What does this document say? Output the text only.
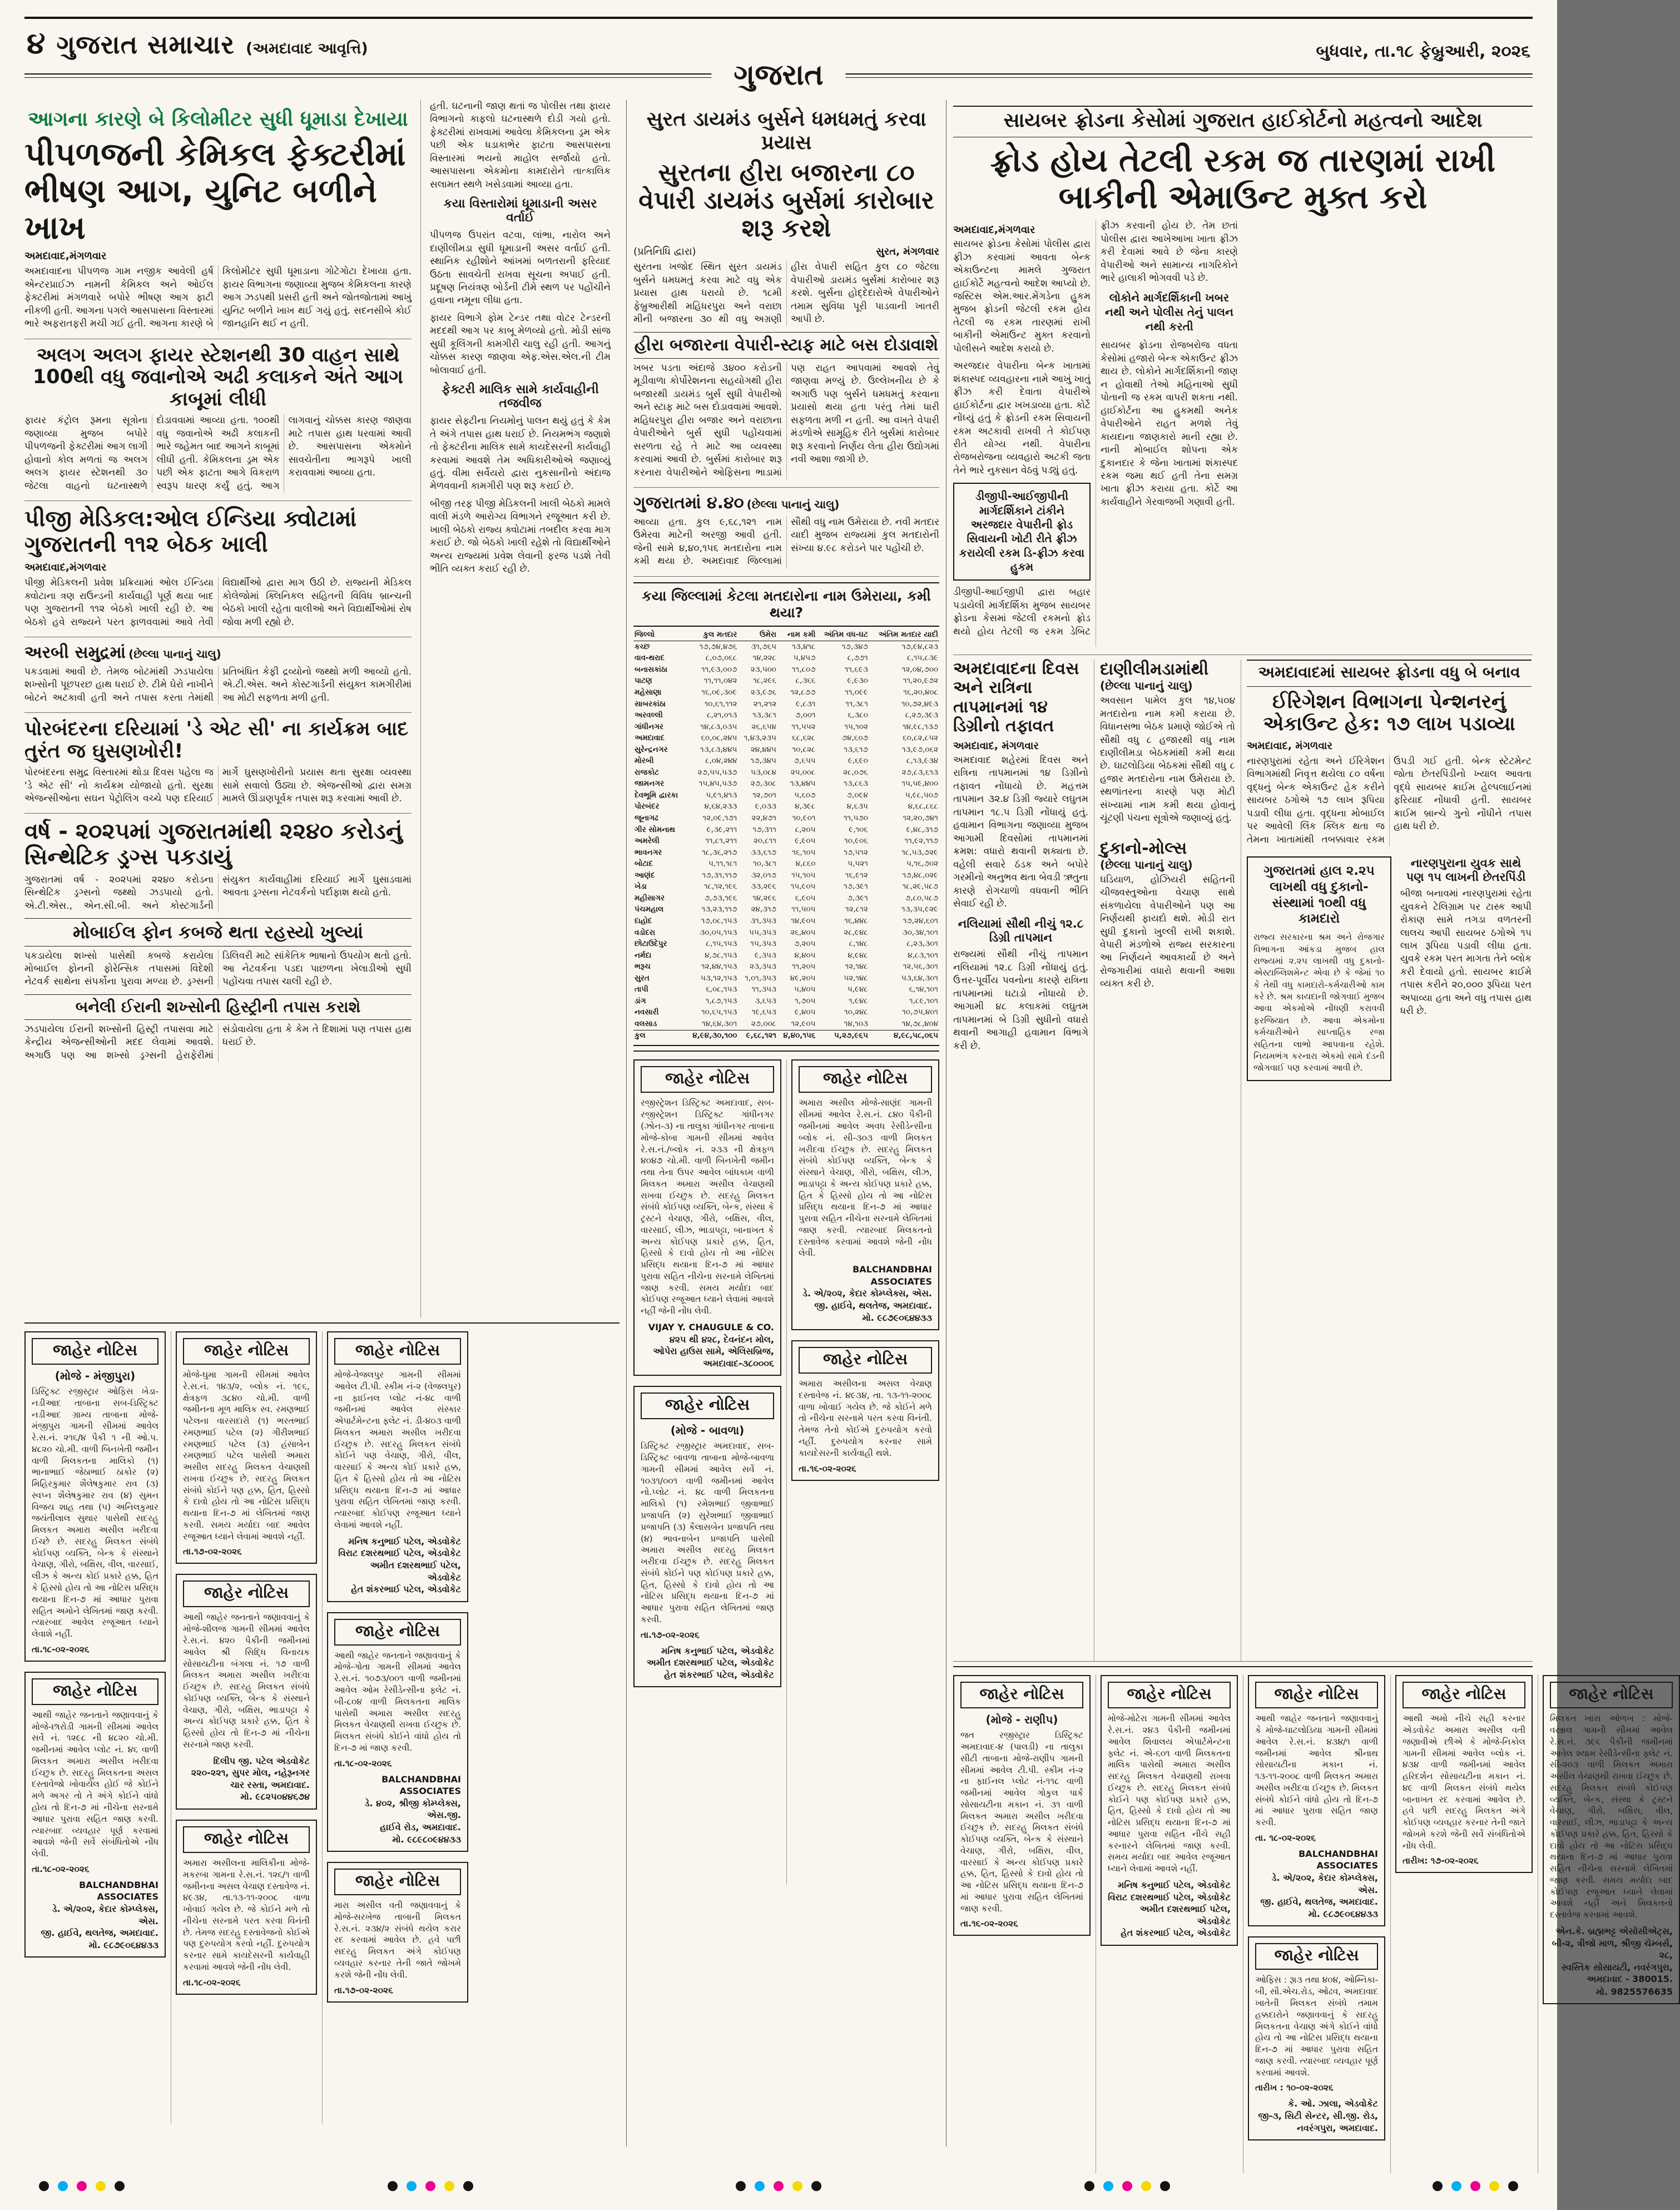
૪ ગુજરાત સમાચાર (અમદાવાદ આવૃત્તિ)	બુધવાર, તા.૧૮ ફેબ્રુઆરી, ૨૦૨૬
ગુજરાત
આગના કારણે બે કિલોમીટર સુધી ધૂમાડા દેખાયા
પીપળજની કેમિકલ ફેક્ટરીમાં ભીષણ આગ, યુનિટ બળીને ખાખ
અમદાવાદ,મંગળવાર
અમદાવાદના પીપળજ ગામ નજીક આવેલી હર્ષ એન્ટરપ્રાઈઝ નામની કેમિકલ અને ઓઈલ ફેક્ટરીમાં મંગળવારે બપોરે ભીષણ આગ ફાટી નીકળી હતી. આગના પગલે આસપાસના વિસ્તારમાં ભારે અફરાતફરી મચી ગઈ હતી. આગના કારણે બે કિલોમીટર સુધી ધૂમાડાના ગોટેગોટા દેખાયા હતા. ફાયર વિભાગના જણાવ્યા મુજબ કેમિકલના કારણે આગ ઝડપથી પ્રસરી હતી અને જોતજોતામાં આખું યુનિટ બળીને ખાખ થઈ ગયું હતું. સદનસીબે કોઈ જાનહાનિ થઈ ન હતી.
અલગ અલગ ફાયર સ્ટેશનથી 30 વાહન સાથે 100થી વધુ જવાનોએ અઢી કલાકને અંતે આગ કાબૂમાં લીધી
ફાયર કંટ્રોલ રૂમના સૂત્રોના જણાવ્યા મુજબ બપોરે પીપળજની ફેક્ટરીમાં આગ લાગી હોવાનો કોલ મળતાં જ અલગ અલગ ફાયર સ્ટેશનથી ૩૦ જેટલા વાહનો ઘટનાસ્થળે દોડાવવામાં આવ્યા હતા. ૧૦૦થી વધુ જવાનોએ અઢી કલાકની ભારે જહેમત બાદ આગને કાબૂમાં લીધી હતી. કેમિકલના ડ્રમ એક પછી એક ફાટતા આગે વિકરાળ સ્વરૂપ ધારણ કર્યું હતું. આગ લાગવાનું ચોક્કસ કારણ જાણવા માટે તપાસ હાથ ધરવામાં આવી છે. આસપાસના એકમોને સાવચેતીના ભાગરૂપે ખાલી કરાવવામાં આવ્યા હતા.
પીજી મેડિકલ:ઓલ ઈન્ડિયા ક્વોટામાં ગુજરાતની ૧૧૨ બેઠક ખાલી
અમદાવાદ,મંગળવાર
પીજી મેડિકલની પ્રવેશ પ્રક્રિયામાં ઓલ ઈન્ડિયા ક્વોટાના ત્રણ રાઉન્ડની કાર્યવાહી પૂર્ણ થયા બાદ પણ ગુજરાતની ૧૧૨ બેઠકો ખાલી રહી છે. આ બેઠકો હવે રાજ્યને પરત ફાળવવામાં આવે તેવી વિદ્યાર્થીઓ દ્વારા માગ ઉઠી છે. રાજ્યની મેડિકલ કોલેજોમાં ક્લિનિકલ સહિતની વિવિધ બ્રાન્ચની બેઠકો ખાલી રહેતા વાલીઓ અને વિદ્યાર્થીઓમાં રોષ જોવા મળી રહ્યો છે.
અરબી સમુદ્રમાં (છેલ્લા પાનાનું ચાલુ)
પકડવામાં આવી છે. તેમજ બોટમાંથી ઝડપાયેલા શખ્સોની પૂછપરછ હાથ ધરાઈ છે. ટીમે ઘેરો નાખીને બોટને અટકાવી હતી અને તપાસ કરતા તેમાંથી પ્રતિબંધિત કેફી દ્રવ્યોનો જથ્થો મળી આવ્યો હતો. એ.ટી.એસ. અને કોસ્ટગાર્ડની સંયુક્ત કામગીરીમાં આ મોટી સફળતા મળી હતી.
પોરબંદરના દરિયામાં 'ડે એટ સી' ના કાર્યક્રમ બાદ તુરંત જ ઘુસણખોરી!
પોરબંદરના સમુદ્ર વિસ્તારમાં થોડા દિવસ પહેલા જ 'ડે એટ સી' નો કાર્યક્રમ યોજાયો હતો. સુરક્ષા એજન્સીઓના સઘન પેટ્રોલિંગ વચ્ચે પણ દરિયાઈ માર્ગે ઘુસણખોરીનો પ્રયાસ થતા સુરક્ષા વ્યવસ્થા સામે સવાલો ઉઠ્યા છે. એજન્સીઓ દ્વારા સમગ્ર મામલે ઊંડાણપૂર્વક તપાસ શરૂ કરવામાં આવી છે.
વર્ષ - ૨૦૨૫માં ગુજરાતમાંથી ૨૨૪૦ કરોડનું સિન્થેટિક ડ્રગ્સ પકડાયું
ગુજરાતમાં વર્ષ - ૨૦૨૫માં ૨૨૪૦ કરોડના સિન્થેટિક ડ્રગ્સનો જથ્થો ઝડપાયો હતો. એ.ટી.એસ., એન.સી.બી. અને કોસ્ટગાર્ડની સંયુક્ત કાર્યવાહીમાં દરિયાઈ માર્ગે ઘુસાડવામાં આવતા ડ્રગ્સના નેટવર્કનો પર્દાફાશ થયો હતો.
મોબાઈલ ફોન કબજે થતા રહસ્યો ખુલ્યાં
પકડાયેલા શખ્સો પાસેથી કબજે કરાયેલા મોબાઈલ ફોનની ફોરેન્સિક તપાસમાં વિદેશી નેટવર્ક સાથેના સંપર્કોના પુરાવા મળ્યા છે. ડ્રગ્સની ડિલિવરી માટે સાંકેતિક ભાષાનો ઉપયોગ થતો હતો. આ નેટવર્કના પડદા પાછળના ખેલાડીઓ સુધી પહોંચવા તપાસ ચાલી રહી છે.
બનેલી ઈરાની શખ્સોની હિસ્ટ્રીની તપાસ કરાશે
ઝડપાયેલા ઈરાની શખ્સોની હિસ્ટ્રી તપાસવા માટે કેન્દ્રીય એજન્સીઓની મદદ લેવામાં આવશે. અગાઉ પણ આ શખ્સો ડ્રગ્સની હેરાફેરીમાં સંડોવાયેલા હતા કે કેમ તે દિશામાં પણ તપાસ હાથ ધરાઈ છે.

હતી. ઘટનાની જાણ થતાં જ પોલીસ તથા ફાયર વિભાગનો કાફલો ઘટનાસ્થળે દોડી ગયો હતો. ફેક્ટરીમાં રાખવામાં આવેલા કેમિકલના ડ્રમ એક પછી એક ધડાકાભેર ફાટતા આસપાસના વિસ્તારમાં ભયનો માહોલ સર્જાયો હતો. આસપાસના એકમોના કામદારોને તાત્કાલિક સલામત સ્થળે ખસેડવામાં આવ્યા હતા.

કયા વિસ્તારોમાં ધૂમાડાની અસર વર્તાઈ

પીપળજ ઉપરાંત વટવા, લાંભા, નારોલ અને દાણીલીમડા સુધી ધૂમાડાની અસર વર્તાઈ હતી. સ્થાનિક રહીશોને આંખમાં બળતરાની ફરિયાદ ઉઠતા સાવચેતી રાખવા સૂચના અપાઈ હતી. પ્રદૂષણ નિયંત્રણ બોર્ડની ટીમે સ્થળ પર પહોંચીને હવાના નમૂના લીધા હતા.

ફાયર વિભાગે ફોમ ટેન્ડર તથા વોટર ટેન્ડરની મદદથી આગ પર કાબૂ મેળવ્યો હતો. મોડી સાંજ સુધી કૂલિંગની કામગીરી ચાલુ રહી હતી. આગનું ચોક્કસ કારણ જાણવા એફ.એસ.એલ.ની ટીમ બોલાવાઈ હતી.

ફેક્ટરી માલિક સામે કાર્યવાહીની તજવીજ

ફાયર સેફ્ટીના નિયમોનું પાલન થયું હતું કે કેમ તે અંગે તપાસ હાથ ધરાઈ છે. નિયમભંગ જણાશે તો ફેક્ટરીના માલિક સામે કાયદેસરની કાર્યવાહી કરવામાં આવશે તેમ અધિકારીઓએ જણાવ્યું હતું. વીમા સર્વેયરો દ્વારા નુકસાનીનો અંદાજ મેળવવાની કામગીરી પણ શરૂ કરાઈ છે.

બીજી તરફ પીજી મેડિકલની ખાલી બેઠકો મામલે વાલી મંડળે આરોગ્ય વિભાગને રજૂઆત કરી છે. ખાલી બેઠકો રાજ્ય ક્વોટામાં તબદીલ કરવા માગ કરાઈ છે. જો બેઠકો ખાલી રહેશે તો વિદ્યાર્થીઓને અન્ય રાજ્યમાં પ્રવેશ લેવાની ફરજ પડશે તેવી ભીતિ વ્યક્ત કરાઈ રહી છે.

જાહેર નોટિસ
(મોજે - મંજીપુરા)
ડિસ્ટ્રિક્ટ રજીસ્ટ્રાર ઓફિસ ખેડા-નડીઆદ તાબાના સબ-ડિસ્ટ્રિક્ટ નડીઆદ ગ્રામ્ય તાબાના મોજે-મંજીપુરા ગામની સીમમાં આવેલ રે.સ.નં. ૨૧૬/૪ પૈકી ૧ ની ઓ.પ. ૪૮૨૦ ચો.મી. વાળી બિનખેતી જમીન વાળી મિલકતના માલિકો (૧) ભાનાભાઈ જેઠાભાઈ ઠાકોર (૨) મિહિરકુમાર શૈલેષકુમાર રાવ (૩) સ્વપ્ન શૈલેષકુમાર રાવ (૪) સુમન વિજય શાહ તથા (૫) અનિલકુમાર જયંતીલાલ સુથાર પાસેથી સદરહુ મિલકત અમારા અસીલ ખરીદવા ઈચ્છે છે. સદરહુ મિલકત સંબંધે કોઈપણ વ્યક્તિ, બેન્ક કે સંસ્થાને વેચાણ, ગીરો, બક્ષિસ, વીલ, વારસાઈ, લીઝ કે અન્ય કોઈ પ્રકારે હક્ક, હિત કે હિસ્સો હોય તો આ નોટિસ પ્રસિદ્ધ થયાના દિન-૭ માં આધાર પુરાવા સહિત અમોને લેખિતમાં જાણ કરવી. ત્યારબાદ આવેલ રજૂઆત ધ્યાને લેવાશે નહીં.
તા.૧૮-૦૨-૨૦૨૬
જાહેર નોટિસ
આથી જાહેર જનતાને જણાવવાનું કે મોજે-છારોડી ગામની સીમમાં આવેલ સર્વે નં. ૧૨૯૮ ની ૪૮૨૦ ચો.મી. જમીનમાં આવેલ પ્લોટ નં. ૪૬ વાળી મિલકત અમારા અસીલ ખરીદવા ઈચ્છુક છે. સદરહુ મિલકતના અસલ દસ્તાવેજો ખોવાયેલ હોઈ જે કોઈને મળે અગર તો તે અંગે કોઈને વાંધો હોય તો દિન-૭ માં નીચેના સરનામે આધાર પુરાવા સહિત જાણ કરવી. ત્યારબાદ વ્યવહાર પૂર્ણ કરવામાં આવશે જેની સર્વે સંબંધિતોએ નોંધ લેવી.
તા.૧૮-૦૨-૨૦૨૬
BALCHANDBHAI ASSOCIATES
ડે. એ/૨૦૨, કેદાર કોમ્પ્લેક્સ, એસ.
જી. હાઈવે, થલતેજ, અમદાવાદ.
મો. ૯૮૭૯૦૬૪૪૩૩
જાહેર નોટિસ
મોજે-ઘુમા ગામની સીમમાં આવેલ રે.સ.નં. ૧૪૩/૨, બ્લોક નં. ૧૯૬, ક્ષેત્રફળ ૩૮૪૦ ચો.મી. વાળી જમીનના મૂળ માલિક સ્વ. રમણભાઈ પટેલના વારસદારો (૧) ભરતભાઈ રમણભાઈ પટેલ (૨) ગીરીશભાઈ રમણભાઈ પટેલ (૩) હંસાબેન રમણભાઈ પટેલ પાસેથી અમારા અસીલ સદરહુ મિલકત વેચાણથી રાખવા ઈચ્છુક છે. સદરહુ મિલકત સંબંધે કોઈને પણ હક્ક, હિત, હિસ્સો કે દાવો હોય તો આ નોટિસ પ્રસિદ્ધ થયાના દિન-૭ માં લેખિતમાં જાણ કરવી. સમય મર્યાદા બાદ આવેલ રજૂઆત ધ્યાને લેવામાં આવશે નહીં.
તા.૧૭-૦૨-૨૦૨૬
જાહેર નોટિસ
આથી જાહેર જનતાને જણાવવાનું કે મોજે-શીલજ ગામની સીમમાં આવેલ રે.સ.નં. ૪૨૦ પૈકીની જમીનમાં આવેલ શ્રી સિદ્ધિ વિનાયક સોસાયટીના બંગલા નં. ૧૭ વાળી મિલકત અમારા અસીલ ખરીદવા ઈચ્છુક છે. સદરહુ મિલકત સંબંધે કોઈપણ વ્યક્તિ, બેન્ક કે સંસ્થાને વેચાણ, ગીરો, બક્ષિસ, ભાડાપટ્ટા કે અન્ય કોઈપણ પ્રકારે હક્ક, હિત કે હિસ્સો હોય તો દિન-૭ માં નીચેના સરનામે જાણ કરવી.
દિલીપ જી. પટેલ એડવોકેટ
૨૨૦-૨૨૧, સુપર મોલ, નહેરૂનગર
ચાર રસ્તા, અમદાવાદ.
મો. ૯૮૨૫૦૪૪૬૭૪
જાહેર નોટિસ
અમારા અસીલના માલિકીના મોજે-મકરબા ગામના રે.સ.નં. ૧૨૬/૧ વાળી જમીનના અસલ વેચાણ દસ્તાવેજ નં. ૪૯૩૪, તા.૧૩-૧૧-૨૦૦૮ વાળા ખોવાઈ ગયેલ છે. જે કોઈને મળે તો નીચેના સરનામે પરત કરવા વિનંતી છે. તેમજ સદરહુ દસ્તાવેજનો કોઈએ પણ દુરુપયોગ કરવો નહીં. દુરુપયોગ કરનાર સામે કાયદેસરની કાર્યવાહી કરવામાં આવશે જેની નોંધ લેવી.
તા.૧૮-૦૨-૨૦૨૬
જાહેર નોટિસ
મોજે-વેજલપુર ગામની સીમમાં આવેલ ટી.પી. સ્કીમ નં-૨ (વેજલપુર) ના ફાઈનલ પ્લોટ નં-૪૮ વાળી જમીનમાં આવેલ સંસ્કાર એપાર્ટમેન્ટના ફ્લેટ નં. ડી-૪૦૩ વાળી મિલકત અમારા અસીલ ખરીદવા ઈચ્છુક છે. સદરહુ મિલકત સંબંધે કોઈને પણ વેચાણ, ગીરો, વીલ, વારસાઈ કે અન્ય કોઈ પ્રકારે હક્ક, હિત કે હિસ્સો હોય તો આ નોટિસ પ્રસિદ્ધ થયાના દિન-૭ માં આધાર પુરાવા સહિત લેખિતમાં જાણ કરવી. ત્યારબાદ કોઈપણ રજૂઆત ધ્યાને લેવામાં આવશે નહીં.
મનિષ કનુભાઈ પટેલ, એડવોકેટ
વિરાટ દશરથભાઈ પટેલ, એડવોકેટ
અમીત દશરથભાઈ પટેલ, એડવોકેટ
હેત શંકરભાઈ પટેલ, એડવોકેટ
જાહેર નોટિસ
આથી જાહેર જનતાને જણાવવાનું કે મોજે-ગોતા ગામની સીમમાં આવેલ રે.સ.નં. ૧૦૭૩/૦૦૧ વાળી જમીનમાં આવેલ ઓમ રેસીડેન્સીના ફ્લેટ નં. બી-૮૦૪ વાળી મિલકતના માલિક પાસેથી અમારા અસીલ સદરહુ મિલકત વેચાણથી રાખવા ઈચ્છુક છે. મિલકત સંબંધે કોઈને વાંધો હોય તો દિન-૭ માં જાણ કરવી.
તા.૧૮-૦૨-૨૦૨૬
BALCHANDBHAI ASSOCIATES
ડે. ૪૦૨, શ્રીજી કોમ્પ્લેક્સ, એસ.જી.
હાઈવે રોડ, અમદાવાદ.
મો. ૯૮૯૮૦૯૪૪૩૩
જાહેર નોટિસ
મારા અસીલ વતી જણાવવાનું કે મોજે-સરખેજ તાબાની મિલકત રે.સ.નં. ૨૩૪/૨ સંબંધે થયેલ કરાર રદ કરવામાં આવેલ છે. હવે પછી સદરહુ મિલકત અંગે કોઈપણ વ્યવહાર કરનાર તેની જાતે જોખમે કરશે જેની નોંધ લેવી.
તા.૧૭-૦૨-૨૦૨૬
સુરત ડાયમંડ બુર્સને ધમધમતું કરવા પ્રયાસ
સુરતના હીરા બજારના ૮૦ વેપારી ડાયમંડ બુર્સમાં કારોબાર શરૂ કરશે
(પ્રતિનિધિ દ્વારા)	સુરત, મંગળવાર
સુરતના ખજોદ સ્થિત સુરત ડાયમંડ બુર્સને ધમધમતું કરવા માટે વધુ એક પ્રયાસ હાથ ધરાયો છે. ૧૮મી ફેબ્રુઆરીથી મહિધરપુરા અને વરાછા મીની બજારના ૩૦ થી વધુ અગ્રણી હીરા વેપારી સહિત કુલ ૮૦ જેટલા વેપારીઓ ડાયમંડ બુર્સમાં કારોબાર શરૂ કરશે. બુર્સના હોદ્દેદારોએ વેપારીઓને તમામ સુવિધા પૂરી પાડવાની ખાતરી આપી છે.
હીરા બજારના વેપારી-સ્ટાફ માટે બસ દોડાવાશે
ખબર પડતા અંદાજે ૩૪૦૦ કરોડની મૂડીવાળા કોર્પોરેશનના સહયોગથી હીરા બજારથી ડાયમંડ બુર્સ સુધી વેપારીઓ અને સ્ટાફ માટે બસ દોડાવવામાં આવશે. મહિધરપુરા હીરા બજાર અને વરાછાના વેપારીઓને બુર્સ સુધી પહોંચવામાં સરળતા રહે તે માટે આ વ્યવસ્થા કરવામાં આવી છે. બુર્સમાં કારોબાર શરૂ કરનારા વેપારીઓને ઓફિસના ભાડામાં પણ રાહત આપવામાં આવશે તેવું જાણવા મળ્યું છે. ઉલ્લેખનીય છે કે અગાઉ પણ બુર્સને ધમધમતું કરવાના પ્રયાસો થયા હતા પરંતુ તેમાં ધારી સફળતા મળી ન હતી. આ વખતે વેપારી મંડળોએ સામૂહિક રીતે બુર્સમાં કારોબાર શરૂ કરવાનો નિર્ણય લેતા હીરા ઉદ્યોગમાં નવી આશા જાગી છે.
ગુજરાતમાં ૪.૪૦ (છેલ્લા પાનાનું ચાલુ)
આવ્યા હતા. કુલ ૯,૬૮,૧૨૧ નામ ઉમેરવા માટેની અરજી આવી હતી. જેની સામે ૪,૪૦,૧૫૬ મતદારોના નામ કમી થયા છે. અમદાવાદ જિલ્લામાં સૌથી વધુ નામ ઉમેરાયા છે. નવી મતદાર યાદી મુજબ રાજ્યમાં કુલ મતદારોની સંખ્યા ૪.૯૮ કરોડને પાર પહોંચી છે.
કયા જિલ્લામાં કેટલા મતદારોના નામ ઉમેરાયા, કમી થયા?
જિલ્લો	કુલ મતદાર	ઉમેરા	નામ કમી	અંતિમ વધ-ઘટ	અંતિમ મતદાર યાદી
કચ્છ	૧૭,૭૪,૪૭૬	૩૧,૭૬૫	૧૩,૪૧૮	૧૭,૩૪૭	૧૭,૯૪,૮૨૩
વાવ-થરાદ	૮,૦૭,૦૬૮	૧૪,૨૨૮	૫,૪૫૭	૮,૭૭૧	૮,૧૫,૮૩૯
બનાસકાંઠા	૧૧,૯૩,૦૦૭	૨૩,૫૦૦	૧૧,૮૦૭	૧૧,૬૯૩	૧૨,૦૪,૭૦૦
પાટણ	૧૧,૧૧,૦૪૨	૧૮,૨૯૬	૮,૩૬૬	૯,૯૩૦	૧૧,૨૦,૯૭૨
મહેસાણા	૧૬,૦૯,૩૦૯	૨૩,૯૭૬	૧૨,૮૭૭	૧૧,૦૯૯	૧૬,૨૦,૪૦૮
સાબરકાંઠા	૧૦,૬૧,૧૧૨	૨૧,૨૧૨	૯,૮૩૧	૧૧,૩૮૧	૧૦,૭૨,૪૯૩
અરવલ્લી	૮,૨૧,૦૧૩	૧૩,૩૮૧	૭,૦૦૧	૬,૩૮૦	૮,૨૭,૩૯૩
ગાંધીનગર	૧૪,૮૩,૦૩૫	૨૬,૬૫૪	૧૧,૫૫૨	૧૫,૧૦૨	૧૪,૯૮,૧૩૭
અમદાવાદ	૬૦,૦૮,૨૪૫	૧,૪૩,૨૩૫	૬૮,૬૨૮	૭૪,૬૦૭	૬૦,૮૨,૮૫૨
સુરેન્દ્રનગર	૧૩,૮૩,૪૪૫	૨૪,૪૪૫	૧૦,૮૨૮	૧૩,૬૧૭	૧૩,૯૭,૦૬૨
મોરબી	૮,૦૪,૨૪૪	૧૭,૩૪૫	૭,૬૫૫	૯,૬૯૦	૮,૧૩,૯૩૪
રાજકોટ	૨૭,૫૫,૫૩૭	૫૩,૦૮૪	૨૫,૦૦૮	૨૮,૦૭૬	૨૭,૮૩,૬૧૩
જામનગર	૧૫,૪૫,૫૩૭	૨૭,૩૦૮	૧૩,૪૪૫	૧૩,૮૬૩	૧૫,૫૯,૪૦૦
દેવભૂમિ દ્વારકા	૫,૯૧,૪૧૩	૧૨,૭૦૧	૫,૬૦૭	૭,૦૯૪	૫,૯૮,૫૦૭
પોરબંદર	૪,૬૪,૨૩૩	૯,૦૩૩	૪,૩૯૮	૪,૬૩૫	૪,૬૮,૮૬૮
જૂનાગઢ	૧૨,૦૯,૧૭૧	૨૨,૪૭૧	૧૦,૯૦૧	૧૧,૫૭૦	૧૨,૨૦,૭૪૧
ગીર સોમનાથ	૯,૩૯,૨૧૧	૧૭,૩૧૧	૮,૨૦૫	૯,૧૦૬	૯,૪૮,૩૧૭
અમરેલી	૧૧,૮૧,૨૧૧	૨૦,૮૧૧	૯,૯૦૫	૧૦,૯૦૬	૧૧,૯૨,૧૧૭
ભાવનગર	૧૮,૩૬,૨૧૭	૩૩,૬૧૭	૧૬,૧૦૫	૧૭,૫૧૨	૧૮,૫૩,૭૨૯
બોટાદ	૫,૧૧,૧૮૧	૧૦,૩૮૧	૪,૮૬૦	૫,૫૨૧	૫,૧૬,૭૦૨
આણંદ	૧૭,૩૧,૧૧૭	૩૨,૦૧૭	૧૫,૧૦૫	૧૬,૯૧૨	૧૭,૪૮,૦૨૯
ખેડા	૧૮,૧૨,૧૯૬	૩૩,૨૯૬	૧૫,૯૦૫	૧૭,૩૯૧	૧૮,૨૯,૫૮૭
મહીસાગર	૭,૭૩,૧૯૬	૧૪,૨૯૬	૬,૯૦૫	૭,૩૯૧	૭,૮૦,૫૮૭
પંચમહાલ	૧૩,૨૩,૧૧૭	૨૪,૩૧૭	૧૧,૫૦૫	૧૨,૮૧૨	૧૩,૩૫,૯૨૯
દાહોદ	૧૭,૦૮,૧૫૩	૩૧,૩૫૩	૧૪,૯૦૫	૧૬,૪૪૮	૧૭,૨૪,૬૦૧
વડોદરા	૩૦,૦૫,૧૫૩	૫૫,૩૫૩	૨૬,૪૦૫	૨૮,૯૪૮	૩૦,૩૪,૧૦૧
છોટાઉદેપુર	૮,૧૫,૧૫૩	૧૫,૩૫૩	૭,૨૦૫	૮,૧૪૮	૮,૨૩,૩૦૧
નર્મદા	૪,૭૮,૧૫૩	૯,૩૫૩	૪,૪૦૫	૪,૯૪૮	૪,૮૩,૧૦૧
ભરૂચ	૧૨,૪૪,૧૫૩	૨૩,૩૫૩	૧૧,૨૦૫	૧૨,૧૪૮	૧૨,૫૬,૩૦૧
સુરત	૫૩,૧૨,૧૫૩	૧,૦૧,૩૫૩	૪૯,૨૦૫	૫૨,૧૪૮	૫૩,૬૪,૩૦૧
તાપી	૬,૦૮,૧૫૩	૧૧,૩૫૩	૫,૪૦૫	૫,૯૪૮	૬,૧૪,૧૦૧
ડાંગ	૧,૮૭,૧૫૩	૩,૬૫૩	૧,૭૦૫	૧,૯૪૮	૧,૮૯,૧૦૧
નવસારી	૧૦,૬૫,૧૫૩	૧૯,૬૫૩	૯,૪૦૫	૧૦,૨૪૮	૧૦,૭૫,૪૦૧
વલસાડ	૧૪,૬૪,૩૦૧	૨૭,૦૦૮	૧૨,૯૦૫	૧૪,૧૦૩	૧૪,૭૮,૪૦૪
કુલ	૪,૯૪,૩૦,૧૦૦	૯,૬૮,૧૨૧	૪,૪૦,૧૫૬	૫,૨૭,૯૬૫	૪,૯૮,૫૮,૦૬૫
જાહેર નોટિસ
રજીસ્ટ્રેશન ડિસ્ટ્રિક્ટ અમદાવાદ, સબ-રજીસ્ટ્રેશન ડિસ્ટ્રિક્ટ ગાંધીનગર (ઝોન-૩) ના તાલુકા ગાંધીનગર તાબાના મોજે-કોબા ગામની સીમમાં આવેલ રે.સ.નં./બ્લોક નં. ૨૩૩ ની ક્ષેત્રફળ ૪૦૪૭ ચો.મી. વાળી બિનખેતી જમીન તથા તેના ઉપર આવેલ બાંધકામ વાળી મિલકત અમારા અસીલ વેચાણથી રાખવા ઈચ્છુક છે. સદરહુ મિલકત સંબંધે કોઈપણ વ્યક્તિ, બેન્ક, સંસ્થા કે ટ્રસ્ટને વેચાણ, ગીરો, બક્ષિસ, વીલ, વારસાઈ, લીઝ, ભાડાપટ્ટા, બાનાખત કે અન્ય કોઈપણ પ્રકારે હક્ક, હિત, હિસ્સો કે દાવો હોય તો આ નોટિસ પ્રસિદ્ધ થયાના દિન-૭ માં આધાર પુરાવા સહિત નીચેના સરનામે લેખિતમાં જાણ કરવી. સમય મર્યાદા બાદ કોઈપણ રજૂઆત ધ્યાને લેવામાં આવશે નહીં જેની નોંધ લેવી.
VIJAY Y. CHAUGULE & CO.
૪૨૫ થી ૪૨૮, દેવનંદન મોલ,
ઓપેરા હાઉસ સામે, એલિસબ્રિજ,
અમદાવાદ-૩૮૦૦૦૬
જાહેર નોટિસ
(મોજે - બાવળા)
ડિસ્ટ્રિક્ટ રજીસ્ટ્રાર અમદાવાદ, સબ-ડિસ્ટ્રિક્ટ બાવળા તાબાના મોજે-બાવળા ગામની સીમમાં આવેલ સર્વે નં. ૧૦૩૧/૦૦૧ વાળી જમીનમાં આવેલ નો.પ્લોટ નં. ૪૮ વાળી મિલકતના માલિકો (૧) રમેશભાઈ જીવાભાઈ પ્રજાપતિ (૨) સુરેશભાઈ જીવાભાઈ પ્રજાપતિ (૩) કૈલાસબેન પ્રજાપતિ તથા (૪) ભાવનાબેન પ્રજાપતિ પાસેથી અમારા અસીલ સદરહુ મિલકત ખરીદવા ઈચ્છુક છે. સદરહુ મિલકત સંબંધે કોઈને પણ કોઈપણ પ્રકારે હક્ક, હિત, હિસ્સો કે દાવો હોય તો આ નોટિસ પ્રસિદ્ધ થયાના દિન-૭ માં આધાર પુરાવા સહિત લેખિતમાં જાણ કરવી.
તા.૧૭-૦૨-૨૦૨૬
મનિષ કનુભાઈ પટેલ, એડવોકેટ
અમીત દશરથભાઈ પટેલ, એડવોકેટ
હેત શંકરભાઈ પટેલ, એડવોકેટ
જાહેર નોટિસ
અમારા અસીલ મોજે-સાણંદ ગામની સીમમાં આવેલ રે.સ.નં. ૮૪૦ પૈકીની જમીનમાં આવેલ અવધ રેસીડેન્સીના બ્લોક નં. સી-૩૦૩ વાળી મિલકત ખરીદવા ઈચ્છુક છે. સદરહુ મિલકત સંબંધે કોઈપણ વ્યક્તિ, બેન્ક કે સંસ્થાને વેચાણ, ગીરો, બક્ષિસ, લીઝ, ભાડાપટ્ટા કે અન્ય કોઈપણ પ્રકારે હક્ક, હિત કે હિસ્સો હોય તો આ નોટિસ પ્રસિદ્ધ થયાના દિન-૭ માં આધાર પુરાવા સહિત નીચેના સરનામે લેખિતમાં જાણ કરવી. ત્યારબાદ મિલકતનો દસ્તાવેજ કરવામાં આવશે જેની નોંધ લેવી.
BALCHANDBHAI ASSOCIATES
ડે. એ/૨૦૨, કેદાર કોમ્પ્લેક્સ, એસ.
જી. હાઈવે, થલતેજ, અમદાવાદ.
મો. ૯૮૭૯૦૬૪૪૩૩
જાહેર નોટિસ
અમારા અસીલના અસલ વેચાણ દસ્તાવેજ નં. ૪૯૩૪, તા. ૧૩-૧૧-૨૦૦૮ વાળા ખોવાઈ ગયેલ છે. જે કોઈને મળે તો નીચેના સરનામે પરત કરવા વિનંતી. તેમજ તેનો કોઈએ દુરુપયોગ કરવો નહીં. દુરુપયોગ કરનાર સામે કાયદેસરની કાર્યવાહી થશે.
તા.૧૬-૦૨-૨૦૨૬
સાયબર ફ્રોડના કેસોમાં ગુજરાત હાઈકોર્ટનો મહત્વનો આદેશ
ફ્રોડ હોય તેટલી રકમ જ તારણમાં રાખી બાકીની એમાઉન્ટ મુક્ત કરો
અમદાવાદ,મંગળવાર

સાયબર ફ્રોડના કેસોમાં પોલીસ દ્વારા ફ્રીઝ કરવામાં આવતા બેન્ક એકાઉન્ટના મામલે ગુજરાત હાઈકોર્ટે મહત્વનો આદેશ આપ્યો છે. જસ્ટિસ એમ.આર.મેંગડેના હુકમ મુજબ ફ્રોડની જેટલી રકમ હોય તેટલી જ રકમ તારણમાં રાખી બાકીની એમાઉન્ટ મુક્ત કરવાનો પોલીસને આદેશ કરાયો છે.

અરજદાર વેપારીના બેન્ક ખાતામાં શંકાસ્પદ વ્યવહારના નામે આખું ખાતું ફ્રીઝ કરી દેવાતા વેપારીએ હાઈકોર્ટના દ્વાર ખખડાવ્યા હતા. કોર્ટે નોંધ્યું હતું કે ફ્રોડની રકમ સિવાયની રકમ અટકાવી રાખવી તે કોઈપણ રીતે યોગ્ય નથી. વેપારીના રોજબરોજના વ્યવહારો અટકી જતા તેને ભારે નુકસાન વેઠવું પડ્યું હતું.

ડીજીપી-આઈજીપીની માર્ગદર્શિકાને ટાંકીને અરજદાર વેપારીની ફ્રોડ સિવાયની ખોટી રીતે ફ્રીઝ કરાયેલી રકમ ડિ-ફ્રીઝ કરવા હુકમ

ડીજીપી-આઈજીપી દ્વારા બહાર પડાયેલી માર્ગદર્શિકા મુજબ સાયબર ફ્રોડના કેસમાં જેટલી રકમનો ફ્રોડ થયો હોય તેટલી જ રકમ ડેબિટ ફ્રીઝ કરવાની હોય છે. તેમ છતાં પોલીસ દ્વારા આખેઆખા ખાતા ફ્રીઝ કરી દેવામાં આવે છે જેના કારણે વેપારીઓ અને સામાન્ય નાગરિકોને ભારે હાલાકી ભોગવવી પડે છે.

લોકોને માર્ગદર્શિકાની ખબર નથી અને પોલીસ તેનું પાલન નથી કરતી

સાયબર ફ્રોડના રોજબરોજ વધતા કેસોમાં હજારો બેન્ક એકાઉન્ટ ફ્રીઝ થાય છે. લોકોને માર્ગદર્શિકાની જાણ ન હોવાથી તેઓ મહિનાઓ સુધી પોતાની જ રકમ વાપરી શકતા નથી. હાઈકોર્ટના આ હુકમથી અનેક વેપારીઓને રાહત મળશે તેવું કાયદાના જાણકારો માની રહ્યા છે. નાની મોબાઈલ શોપના એક દુકાનદાર કે જેના ખાતામાં શંકાસ્પદ રકમ જમા થઈ હતી તેના સમગ્ર ખાતા ફ્રીઝ કરાયા હતા. કોર્ટે આ કાર્યવાહીને ગેરવાજબી ગણાવી હતી.

અમદાવાદના દિવસ અને રાત્રિના તાપમાનમાં ૧૪ ડિગ્રીનો તફાવત
અમદાવાદ, મંગળવાર
અમદાવાદ શહેરમાં દિવસ અને રાત્રિના તાપમાનમાં ૧૪ ડિગ્રીનો તફાવત નોંધાયો છે. મહત્તમ તાપમાન ૩૨.૪ ડિગ્રી જ્યારે લઘુતમ તાપમાન ૧૮.૫ ડિગ્રી નોંધાયું હતું. હવામાન વિભાગના જણાવ્યા મુજબ આગામી દિવસોમાં તાપમાનમાં ક્રમશ: વધારો થવાની શક્યતા છે. વહેલી સવારે ઠંડક અને બપોરે ગરમીનો અનુભવ થતા બેવડી ઋતુના કારણે રોગચાળો વધવાની ભીતિ સેવાઈ રહી છે.
નલિયામાં સૌથી નીચું ૧૨.૮ ડિગ્રી તાપમાન
રાજ્યમાં સૌથી નીચું તાપમાન નલિયામાં ૧૨.૮ ડિગ્રી નોંધાયું હતું. ઉત્તર-પૂર્વીય પવનોના કારણે રાત્રિના તાપમાનમાં ઘટાડો નોંધાયો છે. આગામી ૪૮ કલાકમાં લઘુતમ તાપમાનમાં બે ડિગ્રી સુધીનો વધારો થવાની આગાહી હવામાન વિભાગે કરી છે.
દાણીલીમડામાંથી
(છેલ્લા પાનાનું ચાલુ)
અવસાન પામેલ કુલ ૧૪,૫૦૪ મતદારોના નામ કમી કરાયા છે. વિધાનસભા બેઠક પ્રમાણે જોઈએ તો સૌથી વધુ ૮ હજારથી વધુ નામ દાણીલીમડા બેઠકમાંથી કમી થયા છે. ઘાટલોડિયા બેઠકમાં સૌથી વધુ ૮ હજાર મતદારોના નામ ઉમેરાયા છે. સ્થળાંતરના કારણે પણ મોટી સંખ્યામાં નામ કમી થયા હોવાનું ચૂંટણી પંચના સૂત્રોએ જણાવ્યું હતું.
દુકાનો-મોલ્સ
(છેલ્લા પાનાનું ચાલુ)
ઘડિયાળ, હોઝિયરી સહિતની ચીજવસ્તુઓના વેચાણ સાથે સંકળાયેલા વેપારીઓને પણ આ નિર્ણયથી ફાયદો થશે. મોડી રાત સુધી દુકાનો ખુલ્લી રાખી શકાશે. વેપારી મંડળોએ રાજ્ય સરકારના આ નિર્ણયને આવકાર્યો છે અને રોજગારીમાં વધારો થવાની આશા વ્યક્ત કરી છે.
અમદાવાદમાં સાયબર ફ્રોડના વધુ બે બનાવ
ઈરિગેશન વિભાગના પેન્શનરનું એકાઉન્ટ હેક: ૧૭ લાખ પડાવ્યા
અમદાવાદ, મંગળવાર
નારણપુરામાં રહેતા અને ઈરિગેશન વિભાગમાંથી નિવૃત્ત થયેલા ૮૦ વર્ષના વૃદ્ધનું બેન્ક એકાઉન્ટ હેક કરીને સાયબર ઠગોએ ૧૭ લાખ રૂપિયા પડાવી લીધા હતા. વૃદ્ધના મોબાઈલ પર આવેલી લિંક ક્લિક થતા જ તેમના ખાતામાંથી તબક્કાવાર રકમ ઉપડી ગઈ હતી. બેન્ક સ્ટેટમેન્ટ જોતા છેતરપિંડીનો ખ્યાલ આવતા વૃદ્ધે સાયબર ક્રાઈમ હેલ્પલાઈનમાં ફરિયાદ નોંધાવી હતી. સાયબર ક્રાઈમ બ્રાન્ચે ગુનો નોંધીને તપાસ હાથ ધરી છે.
ગુજરાતમાં હાલ ૨.૨૫ લાખથી વધુ દુકાનો-સંસ્થામાં ૧૦થી વધુ કામદારો
રાજ્ય સરકારના શ્રમ અને રોજગાર વિભાગના આંકડા મુજબ હાલ રાજ્યમાં ૨.૨૫ લાખથી વધુ દુકાનો-એસ્ટાબ્લિશમેન્ટ એવા છે કે જેમાં ૧૦ કે તેથી વધુ કામદારો-કર્મચારીઓ કામ કરે છે. શ્રમ કાયદાની જોગવાઈ મુજબ આવા એકમોએ નોંધણી કરાવવી ફરજિયાત છે. આવા એકમોના કર્મચારીઓને સાપ્તાહિક રજા સહિતના લાભો આપવાના રહેશે. નિયમભંગ કરનારા એકમો સામે દંડની જોગવાઈ પણ કરવામાં આવી છે.
નારણપુરાના યુવક સાથે પણ ૧૫ લાખની છેતરપિંડી
બીજા બનાવમાં નારણપુરામાં રહેતા યુવકને ટેલિગ્રામ પર ટાસ્ક આપી રોકાણ સામે તગડા વળતરની લાલચ આપી સાયબર ઠગોએ ૧૫ લાખ રૂપિયા પડાવી લીધા હતા. યુવકે રકમ પરત માગતા તેને બ્લોક કરી દેવાયો હતો. સાયબર ક્રાઈમે તપાસ કરીને ૨૦,૦૦૦ રૂપિયા પરત અપાવ્યા હતા અને વધુ તપાસ હાથ ધરી છે.
જાહેર નોટિસ
(મોજે - રાણીપ)
જત રજીસ્ટ્રાર ડિસ્ટ્રિક્ટ અમદાવાદ-૪ (પાલડી) ના તાલુકા સીટી તાબાના મોજે-રાણીપ ગામની સીમમાં આવેલ ટી.પી. સ્કીમ નં-૨ ના ફાઈનલ પ્લોટ નં-૧૧૮ વાળી જમીનમાં આવેલ ગોકુલ પાર્ક સોસાયટીના મકાન નં. ૩૧ વાળી મિલકત અમારા અસીલ ખરીદવા ઈચ્છુક છે. સદરહુ મિલકત સંબંધે કોઈપણ વ્યક્તિ, બેન્ક કે સંસ્થાને વેચાણ, ગીરો, બક્ષિસ, વીલ, વારસાઈ કે અન્ય કોઈપણ પ્રકારે હક્ક, હિત, હિસ્સો કે દાવો હોય તો આ નોટિસ પ્રસિદ્ધ થયાના દિન-૭ માં આધાર પુરાવા સહિત લેખિતમાં જાણ કરવી.
તા.૧૬-૦૨-૨૦૨૬
જાહેર નોટિસ
મોજે-મોટેરા ગામની સીમમાં આવેલ રે.સ.નં. ૨૪૩ પૈકીની જમીનમાં આવેલ શિવાલય એપાર્ટમેન્ટના ફ્લેટ નં. એ-૬૦૧ વાળી મિલકતના માલિક પાસેથી અમારા અસીલ સદરહુ મિલકત વેચાણથી રાખવા ઈચ્છુક છે. સદરહુ મિલકત સંબંધે કોઈને પણ કોઈપણ પ્રકારે હક્ક, હિત, હિસ્સો કે દાવો હોય તો આ નોટિસ પ્રસિદ્ધ થયાના દિન-૭ માં આધાર પુરાવા સહિત નીચે સહી કરનારને લેખિતમાં જાણ કરવી. સમય મર્યાદા બાદ આવેલ રજૂઆત ધ્યાને લેવામાં આવશે નહીં.
મનિષ કનુભાઈ પટેલ, એડવોકેટ
વિરાટ દશરથભાઈ પટેલ, એડવોકેટ
અમીત દશરથભાઈ પટેલ, એડવોકેટ
હેત શંકરભાઈ પટેલ, એડવોકેટ
જાહેર નોટિસ
આથી જાહેર જનતાને જણાવવાનું કે મોજે-ઘાટલોડિયા ગામની સીમમાં આવેલ રે.સ.નં. ૪૩૪/૧ વાળી જમીનમાં આવેલ શ્રીનાથ સોસાયટીના મકાન નં. ૧૩-૧૧-૨૦૦૮ વાળી મિલકત અમારા અસીલ ખરીદવા ઈચ્છુક છે. મિલકત સંબંધે કોઈને વાંધો હોય તો દિન-૭ માં આધાર પુરાવા સહિત જાણ કરવી.
તા. ૧૮-૦૨-૨૦૨૬
BALCHANDBHAI ASSOCIATES
ડે. એ/૨૦૨, કેદાર કોમ્પ્લેક્સ, એસ.
જી. હાઈવે, થલતેજ, અમદાવાદ.
મો. ૯૮૭૯૦૬૪૪૩૩
જાહેર નોટિસ
ઓફિસ : રૂા૩ તથા ૪૦૪, ઓમ્નિકા-બી, સૌ.એચ.રોડ, ઓઢવ, અમદાવાદ ખાતેની મિલકત સંબંધે તમામ હક્કદારોને જણાવવાનું કે સદરહુ મિલકતના વેચાણ અંગે કોઈને વાંધો હોય તો આ નોટિસ પ્રસિદ્ધ થયાના દિન-૭ માં આધાર પુરાવા સહિત જાણ કરવી. ત્યારબાદ વ્યવહાર પૂર્ણ કરવામાં આવશે.
તારીખ : ૧૦-૦૨-૨૦૨૬
કે. ઓ. ઝાલા, એડવોકેટ
જી-૩, સિટી સેન્ટર, સી.જી. રોડ,
નવરંગપુરા, અમદાવાદ.
જાહેર નોટિસ
આથી અમો નીચે સહી કરનાર એડવોકેટ અમારા અસીલ વતી જણાવીએ છીએ કે મોજે-નિકોલ ગામની સીમમાં આવેલ બ્લોક નં. ૪૩૪ વાળી જમીનમાં આવેલ હરિદર્શન સોસાયટીના મકાન નં. ૪૯ વાળી મિલકત સંબંધે થયેલ બાનાખત રદ કરવામાં આવેલ છે. હવે પછી સદરહુ મિલકત અંગે કોઈપણ વ્યવહાર કરનાર તેની જાતે જોખમે કરશે જેની સર્વે સંબંધિતોએ નોંધ લેવી.
તારીખ: ૧૭-૦૨-૨૦૨૬
જાહેર નોટિસ
મિલકત ખાસ ઓળખ : મોજે-વસ્ત્રાલ ગામની સીમમાં આવેલ રે.સ.નં. ૩૯૬ પૈકીની જમીનમાં આવેલ શ્યામ રેસીડેન્સીના ફ્લેટ નં. સી-૨૦૩ વાળી મિલકત અમારા અસીલ વેચાણથી રાખવા ઈચ્છુક છે. સદરહુ મિલકત સંબંધે કોઈપણ વ્યક્તિ, બેન્ક, સંસ્થા કે ટ્રસ્ટને વેચાણ, ગીરો, બક્ષિસ, વીલ, વારસાઈ, લીઝ, ભાડાપટ્ટા કે અન્ય કોઈપણ પ્રકારે હક્ક, હિત, હિસ્સો કે દાવો હોય તો આ નોટિસ પ્રસિદ્ધ થયાના દિન-૭ માં આધાર પુરાવા સહિત નીચેના સરનામે લેખિતમાં જાણ કરવી. સમય મર્યાદા બાદ કોઈપણ રજૂઆત ધ્યાને લેવામાં આવશે નહીં અને મિલકતનો દસ્તાવેજ કરવામાં આવશે.
એન.કે. બ્રહ્મભટ્ટ એસોસીએટ્સ,
બી-૨, ત્રીજો માળ, શ્રીજી ચેમ્બર્સ, ૨૮,
સ્વસ્તિક સોસાયટી, નવરંગપુરા,
અમદાવાદ - 380015.
મો. 9825576635
